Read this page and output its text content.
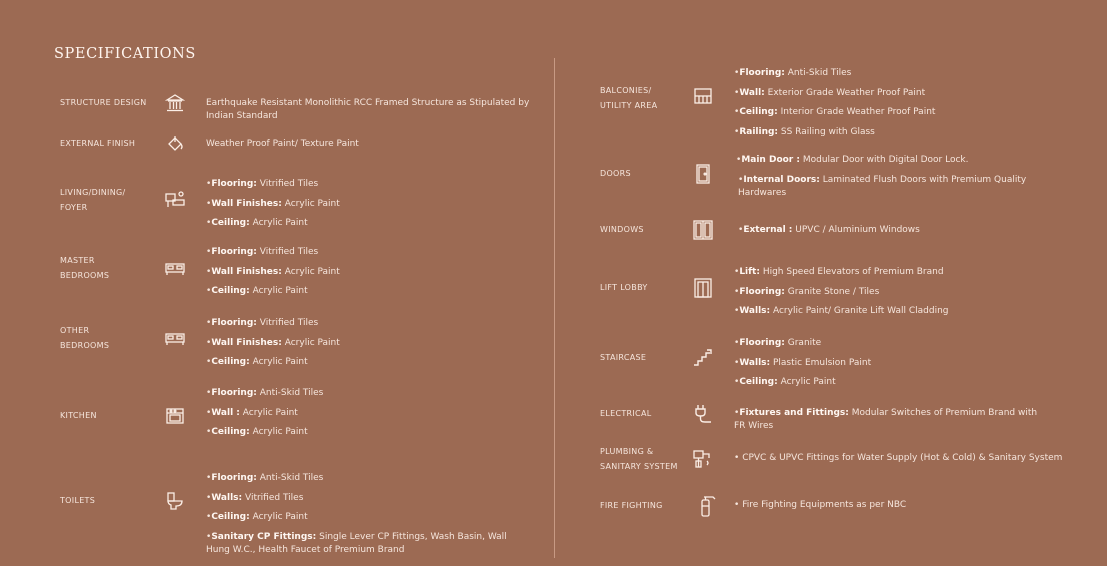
SPECIFICATIONS
STRUCTURE DESIGN	Earthquake Resistant Monolithic RCC Framed Structure as Stipulated by Indian Standard
EXTERNAL FINISH	Weather Proof Paint/ Texture Paint
LIVING/DINING/ FOYER
•Flooring: Vitrified Tiles
•Wall Finishes: Acrylic Paint
•Ceiling: Acrylic Paint
MASTER BEDROOMS
•Flooring: Vitrified Tiles
•Wall Finishes: Acrylic Paint
•Ceiling: Acrylic Paint
OTHER BEDROOMS
•Flooring: Vitrified Tiles
•Wall Finishes: Acrylic Paint
•Ceiling: Acrylic Paint
KITCHEN
•Flooring: Anti-Skid Tiles
•Wall : Acrylic Paint
•Ceiling: Acrylic Paint
TOILETS
•Flooring: Anti-Skid Tiles
•Walls: Vitrified Tiles
•Ceiling: Acrylic Paint
•Sanitary CP Fittings: Single Lever CP Fittings, Wash Basin, Wall Hung W.C., Health Faucet of Premium Brand
BALCONIES/ UTILITY AREA
•Flooring: Anti-Skid Tiles
•Wall: Exterior Grade Weather Proof Paint
•Ceiling: Interior Grade Weather Proof Paint
•Railing: SS Railing with Glass
DOORS
•Main Door : Modular Door with Digital Door Lock.
•Internal Doors: Laminated Flush Doors with Premium Quality Hardwares
WINDOWS	•External : UPVC / Aluminium Windows
LIFT LOBBY
•Lift: High Speed Elevators of Premium Brand
•Flooring: Granite Stone / Tiles
•Walls: Acrylic Paint/ Granite Lift Wall Cladding
STAIRCASE
•Flooring: Granite
•Walls: Plastic Emulsion Paint
•Ceiling: Acrylic Paint
ELECTRICAL	•Fixtures and Fittings: Modular Switches of Premium Brand with FR Wires
PLUMBING & SANITARY SYSTEM
• CPVC & UPVC Fittings for Water Supply (Hot & Cold) & Sanitary System
FIRE FIGHTING	• Fire Fighting Equipments as per NBC
